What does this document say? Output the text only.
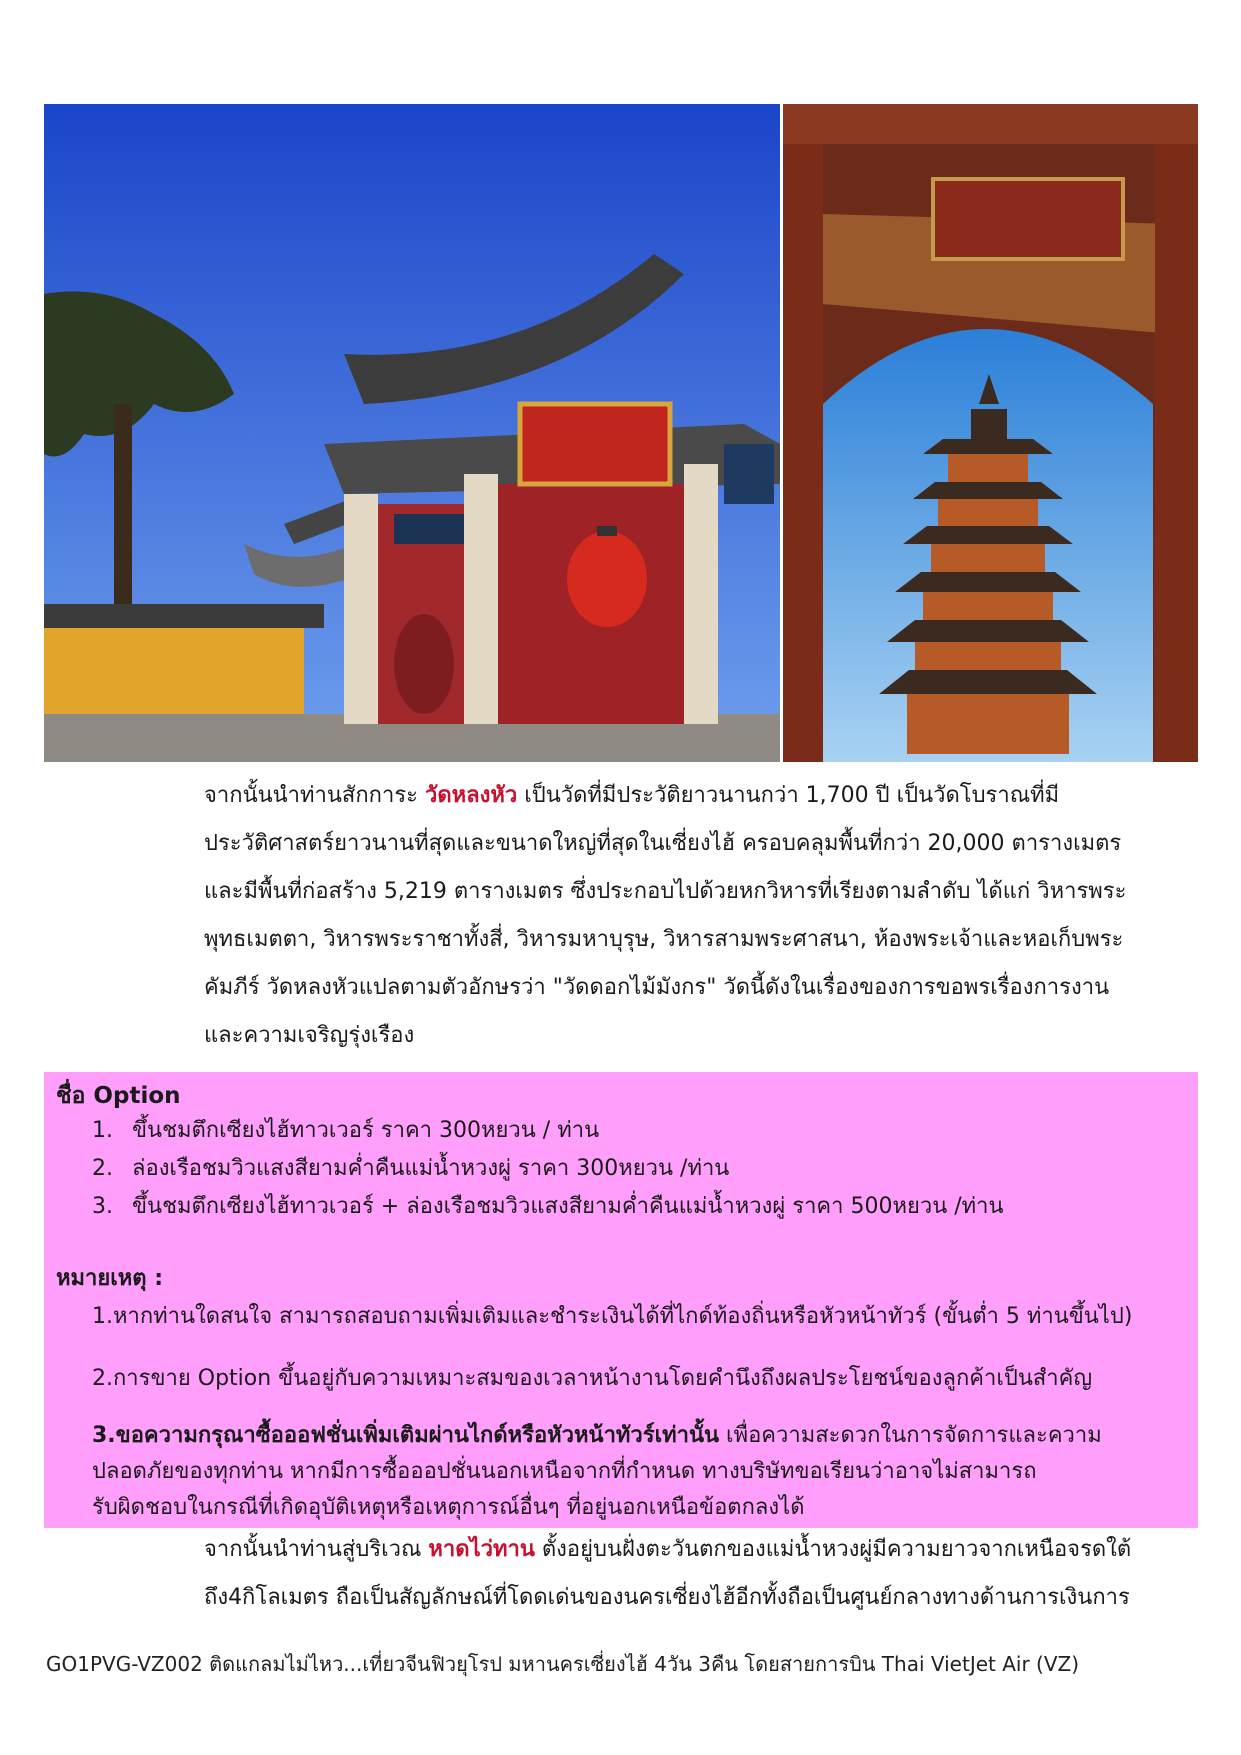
จากนั้นนำท่านสักการะ วัดหลงหัว เป็นวัดที่มีประวัติยาวนานกว่า 1,700 ปี เป็นวัดโบราณที่มี

ประวัติศาสตร์ยาวนานที่สุดและขนาดใหญ่ที่สุดในเซี่ยงไฮ้ ครอบคลุมพื้นที่กว่า 20,000 ตารางเมตร

และมีพื้นที่ก่อสร้าง 5,219 ตารางเมตร ซึ่งประกอบไปด้วยหกวิหารที่เรียงตามลำดับ ได้แก่ วิหารพระ

พุทธเมตตา, วิหารพระราชาทั้งสี่, วิหารมหาบุรุษ, วิหารสามพระศาสนา, ห้องพระเจ้าและหอเก็บพระ

คัมภีร์ วัดหลงหัวแปลตามตัวอักษรว่า "วัดดอกไม้มังกร" วัดนี้ดังในเรื่องของการขอพรเรื่องการงาน

และความเจริญรุ่งเรือง

ชื่อ Option
1. ขึ้นชมตึกเซียงไฮ้ทาวเวอร์ ราคา 300หยวน / ท่าน
2. ล่องเรือชมวิวแสงสียามค่ำคืนแม่น้ำหวงผู่ ราคา 300หยวน /ท่าน
3. ขึ้นชมตึกเซียงไฮ้ทาวเวอร์ + ล่องเรือชมวิวแสงสียามค่ำคืนแม่น้ำหวงผู่ ราคา 500หยวน /ท่าน
หมายเหตุ :
1.หากท่านใดสนใจ สามารถสอบถามเพิ่มเติมและชำระเงินได้ที่ไกด์ท้องถิ่นหรือหัวหน้าทัวร์ (ขั้นต่ำ 5 ท่านขึ้นไป)
2.การขาย Option ขึ้นอยู่กับความเหมาะสมของเวลาหน้างานโดยคำนึงถึงผลประโยชน์ของลูกค้าเป็นสำคัญ
3.ขอความกรุณาซื้อออฟชั่นเพิ่มเติมผ่านไกด์หรือหัวหน้าทัวร์เท่านั้น เพื่อความสะดวกในการจัดการและความ
ปลอดภัยของทุกท่าน หากมีการซื้อออปชั่นนอกเหนือจากที่กำหนด ทางบริษัทขอเรียนว่าอาจไม่สามารถ
รับผิดชอบในกรณีที่เกิดอุบัติเหตุหรือเหตุการณ์อื่นๆ ที่อยู่นอกเหนือข้อตกลงได้

จากนั้นนำท่านสู่บริเวณ หาดไว่ทาน ตั้งอยู่บนฝั่งตะวันตกของแม่น้ำหวงผู่มีความยาวจากเหนือจรดใต้

ถึง4กิโลเมตร ถือเป็นสัญลักษณ์ที่โดดเด่นของนครเซี่ยงไฮ้อีกทั้งถือเป็นศูนย์กลางทางด้านการเงินการ

GO1PVG-VZ002 ติดแกลมไม่ไหว...เที่ยวจีนฟิวยุโรป มหานครเซี่ยงไฮ้ 4วัน 3คืน โดยสายการบิน Thai VietJet Air (VZ)
